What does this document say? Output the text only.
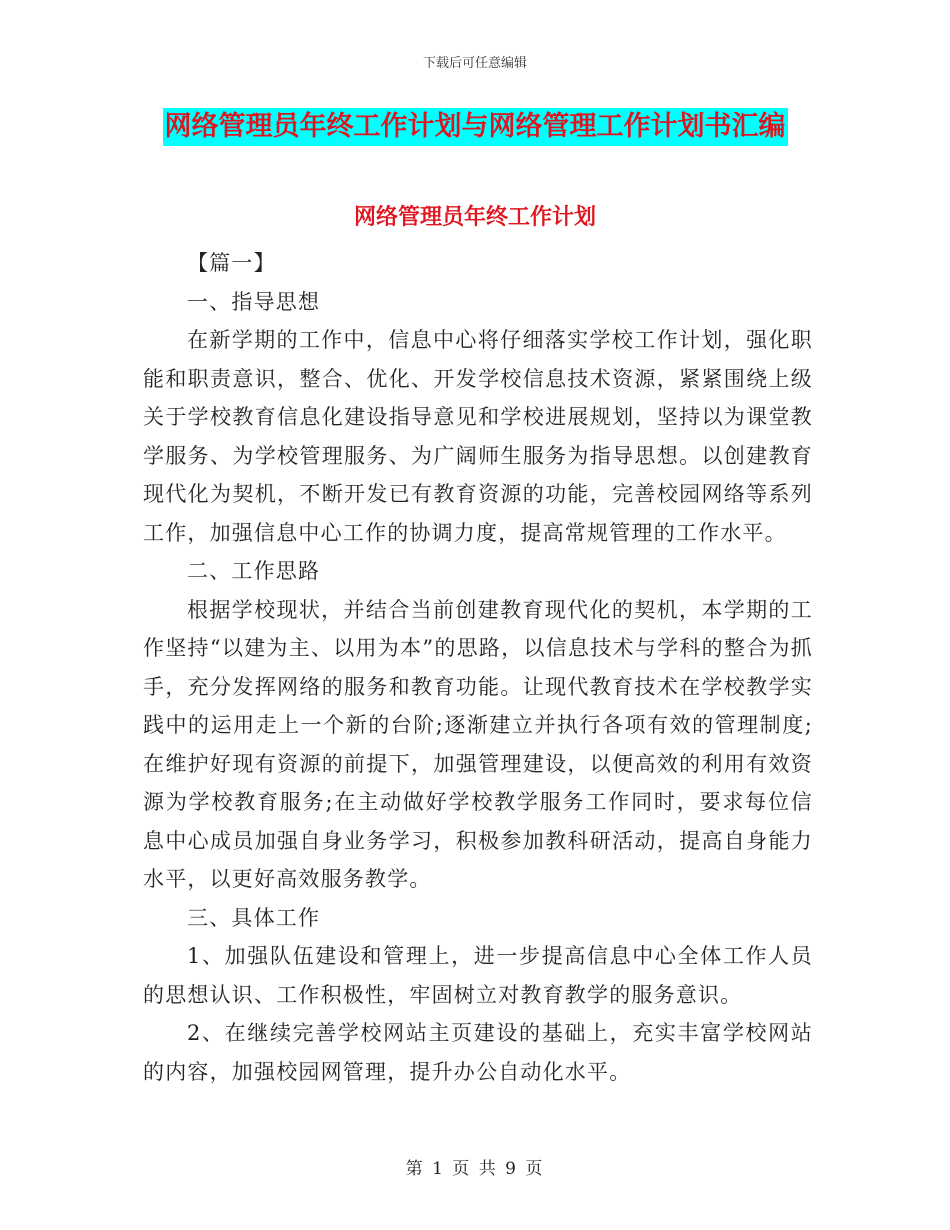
下载后可任意编辑
网络管理员年终工作计划与网络管理工作计划书汇编
网络管理员年终工作计划

【篇一】

一、指导思想

在新学期的工作中，信息中心将仔细落实学校工作计划，强化职能和职责意识，整合、优化、开发学校信息技术资源，紧紧围绕上级关于学校教育信息化建设指导意见和学校进展规划，坚持以为课堂教学服务、为学校管理服务、为广阔师生服务为指导思想。以创建教育现代化为契机，不断开发已有教育资源的功能，完善校园网络等系列工作，加强信息中心工作的协调力度，提高常规管理的工作水平。

二、工作思路

根据学校现状，并结合当前创建教育现代化的契机，本学期的工作坚持“以建为主、以用为本”的思路，以信息技术与学科的整合为抓手，充分发挥网络的服务和教育功能。让现代教育技术在学校教学实践中的运用走上一个新的台阶;逐渐建立并执行各项有效的管理制度;在维护好现有资源的前提下，加强管理建设，以便高效的利用有效资源为学校教育服务;在主动做好学校教学服务工作同时，要求每位信息中心成员加强自身业务学习，积极参加教科研活动，提高自身能力水平，以更好高效服务教学。

三、具体工作

1、加强队伍建设和管理上，进一步提高信息中心全体工作人员的思想认识、工作积极性，牢固树立对教育教学的服务意识。

2、在继续完善学校网站主页建设的基础上，充实丰富学校网站的内容，加强校园网管理，提升办公自动化水平。

第 1 页 共 9 页
